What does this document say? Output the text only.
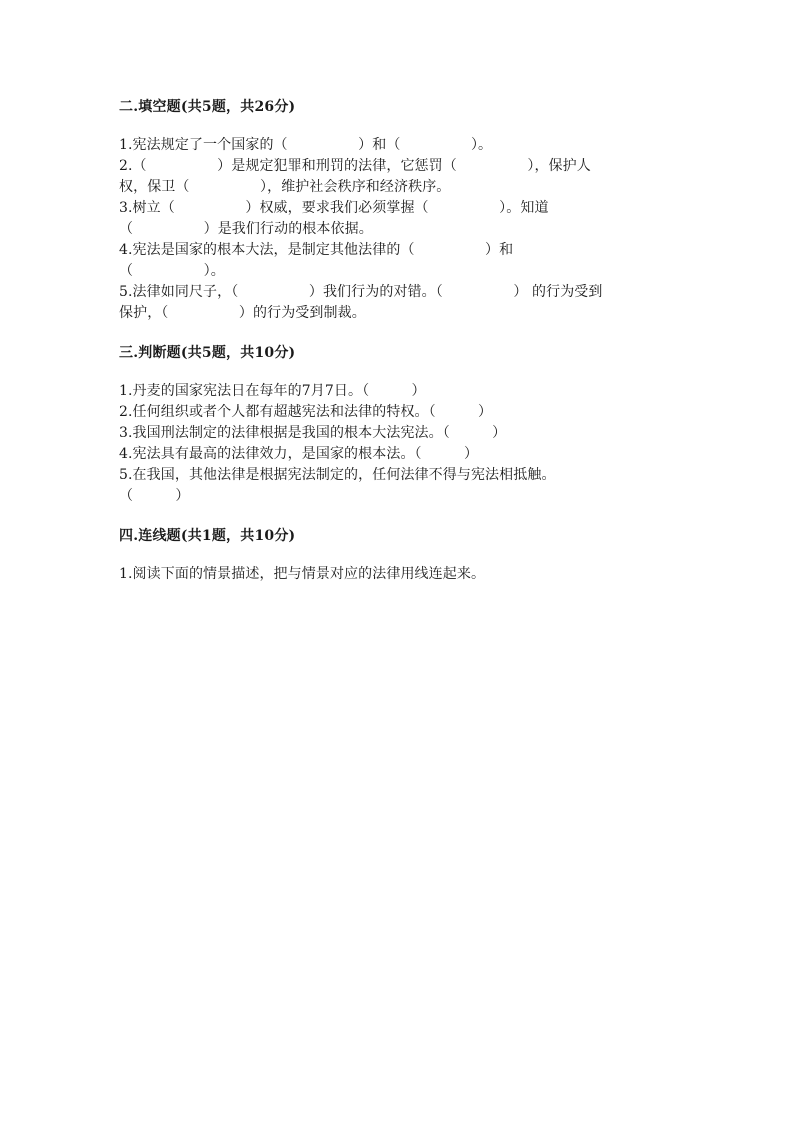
二.填空题(共5题，共26分)
1.宪法规定了一个国家的（　　　　　）和（　　　　　）。
2.（　　　　　）是规定犯罪和刑罚的法律，它惩罚（　　　　　），保护人
权，保卫（　　　　　），维护社会秩序和经济秩序。
3.树立（　　　　　）权威，要求我们必须掌握（　　　　　）。知道
（　　　　　）是我们行动的根本依据。
4.宪法是国家的根本大法，是制定其他法律的（　　　　　）和
（　　　　　）。
5.法律如同尺子，（　　　　　）我们行为的对错。（　　　　　） 的行为受到
保护，（　　　　　）的行为受到制裁。
三.判断题(共5题，共10分)
1.丹麦的国家宪法日在每年的7月7日。（　　　）
2.任何组织或者个人都有超越宪法和法律的特权。（　　　）
3.我国刑法制定的法律根据是我国的根本大法宪法。（　　　）
4.宪法具有最高的法律效力，是国家的根本法。（　　　）
5.在我国，其他法律是根据宪法制定的，任何法律不得与宪法相抵触。
（　　　）
四.连线题(共1题，共10分)
1.阅读下面的情景描述，把与情景对应的法律用线连起来。
